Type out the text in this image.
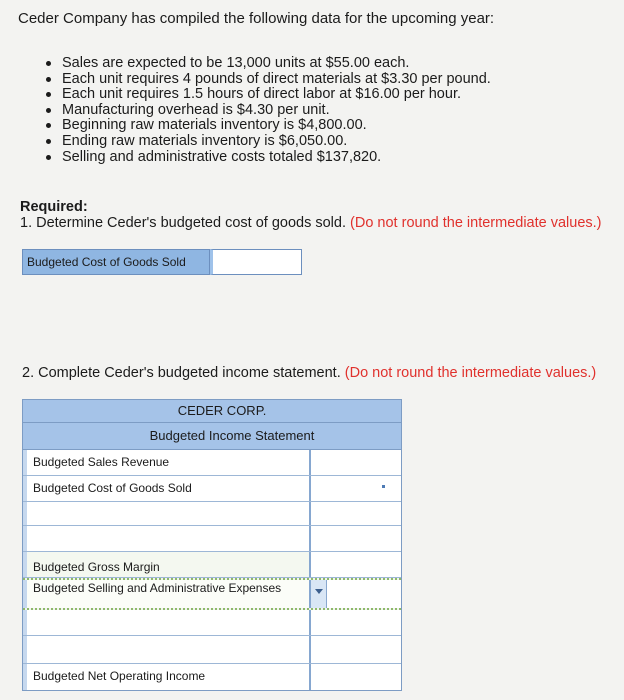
Ceder Company has compiled the following data for the upcoming year:
Sales are expected to be 13,000 units at $55.00 each.
Each unit requires 4 pounds of direct materials at $3.30 per pound.
Each unit requires 1.5 hours of direct labor at $16.00 per hour.
Manufacturing overhead is $4.30 per unit.
Beginning raw materials inventory is $4,800.00.
Ending raw materials inventory is $6,050.00.
Selling and administrative costs totaled $137,820.
Required:
1. Determine Ceder's budgeted cost of goods sold. (Do not round the intermediate values.)
Budgeted Cost of Goods Sold
2. Complete Ceder's budgeted income statement. (Do not round the intermediate values.)
CEDER CORP.
Budgeted Income Statement
Budgeted Sales Revenue
Budgeted Cost of Goods Sold
Budgeted Gross Margin
Budgeted Selling and Administrative Expenses
Budgeted Net Operating Income
